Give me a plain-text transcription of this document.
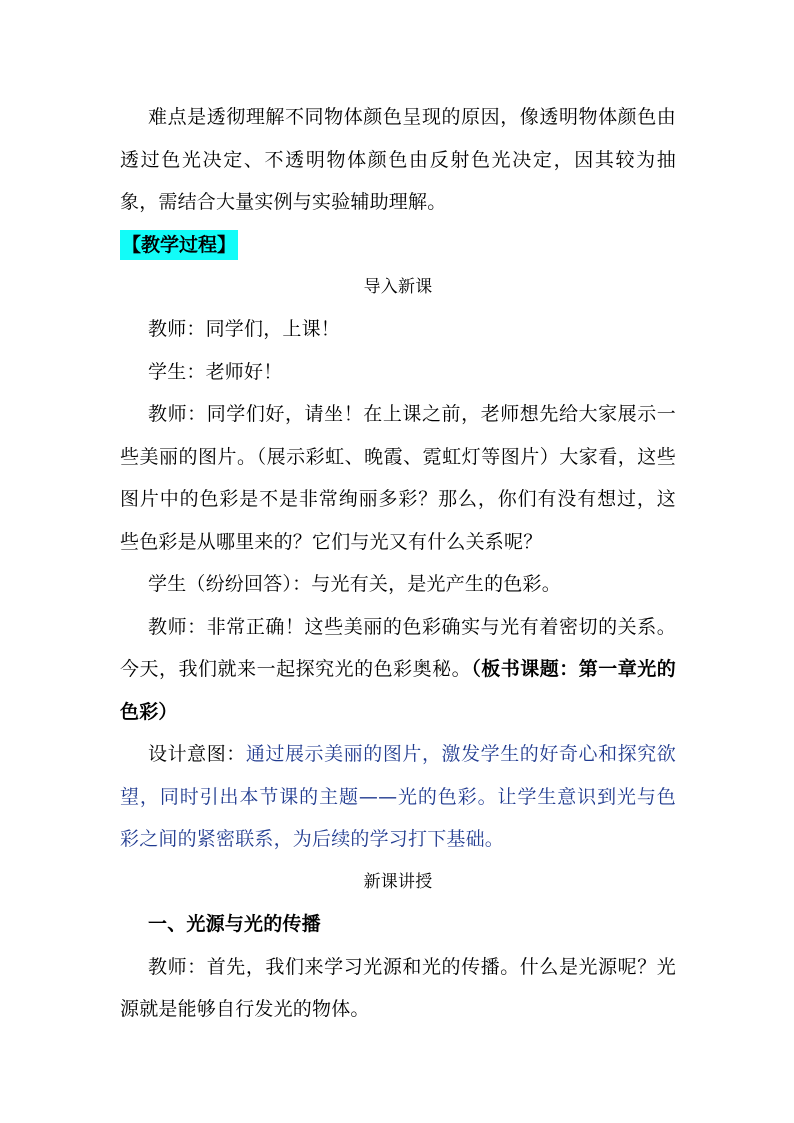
难点是透彻理解不同物体颜色呈现的原因，像透明物体颜色由透过色光决定、不透明物体颜色由反射色光决定，因其较为抽象，需结合大量实例与实验辅助理解。

【教学过程】

导入新课

教师：同学们，上课！

学生：老师好！

教师：同学们好，请坐！在上课之前，老师想先给大家展示一些美丽的图片。（展示彩虹、晚霞、霓虹灯等图片）大家看，这些图片中的色彩是不是非常绚丽多彩？那么，你们有没有想过，这些色彩是从哪里来的？它们与光又有什么关系呢？

学生（纷纷回答）：与光有关，是光产生的色彩。

教师：非常正确！这些美丽的色彩确实与光有着密切的关系。今天，我们就来一起探究光的色彩奥秘。（板书课题：第一章光的色彩）

设计意图：通过展示美丽的图片，激发学生的好奇心和探究欲望，同时引出本节课的主题——光的色彩。让学生意识到光与色彩之间的紧密联系，为后续的学习打下基础。

新课讲授

一、光源与光的传播

教师：首先，我们来学习光源和光的传播。什么是光源呢？光源就是能够自行发光的物体。
